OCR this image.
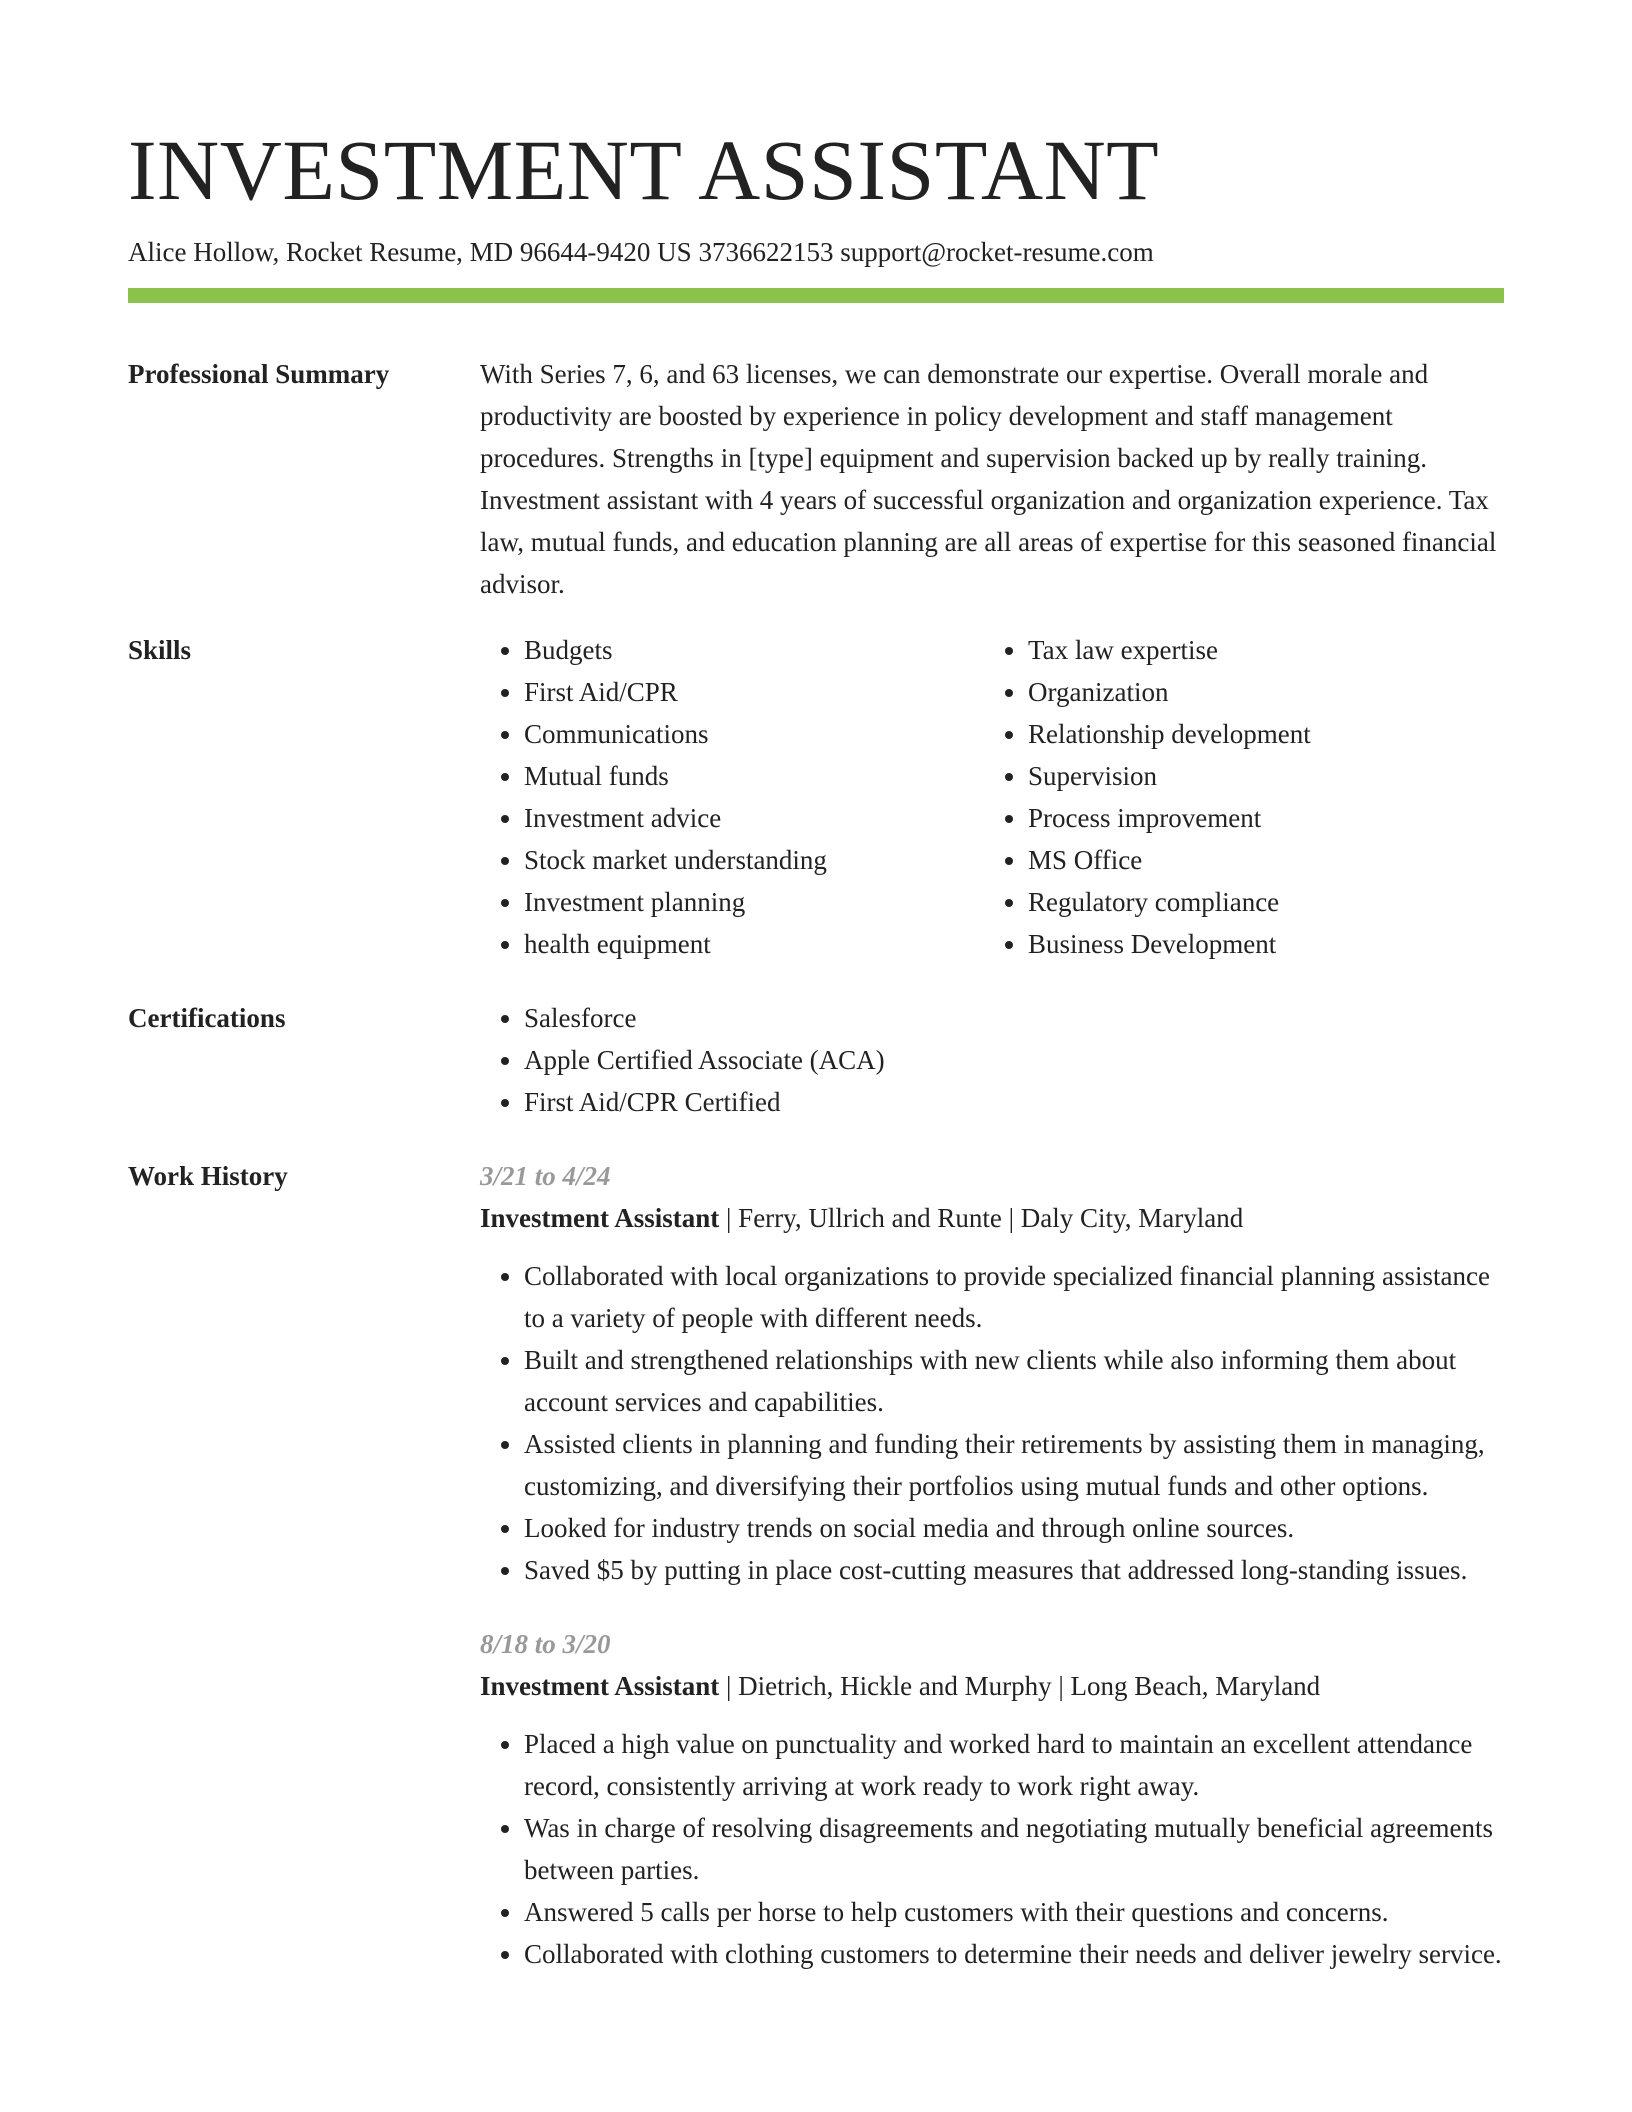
INVESTMENT ASSISTANT
Alice Hollow, Rocket Resume, MD 96644-9420 US 3736622153 support@rocket-resume.com
Professional Summary	With Series 7, 6, and 63 licenses, we can demonstrate our expertise. Overall morale and productivity are boosted by experience in policy development and staff management procedures. Strengths in [type] equipment and supervision backed up by really training. Investment assistant with 4 years of successful organization and organization experience. Tax law, mutual funds, and education planning are all areas of expertise for this seasoned financial advisor.

Skills	• Budgets
• First Aid/CPR
• Communications
• Mutual funds
• Investment advice
• Stock market understanding
• Investment planning
• health equipment
• Tax law expertise
• Organization
• Relationship development
• Supervision
• Process improvement
• MS Office
• Regulatory compliance
• Business Development
Certifications	• Salesforce
• Apple Certified Associate (ACA)
• First Aid/CPR Certified
Work History	3/21 to 4/24
Investment Assistant | Ferry, Ullrich and Runte | Daly City, Maryland
• Collaborated with local organizations to provide specialized financial planning assistance to a variety of people with different needs.
• Built and strengthened relationships with new clients while also informing them about account services and capabilities.
• Assisted clients in planning and funding their retirements by assisting them in managing, customizing, and diversifying their portfolios using mutual funds and other options.
• Looked for industry trends on social media and through online sources.
• Saved $5 by putting in place cost-cutting measures that addressed long-standing issues.
8/18 to 3/20
Investment Assistant | Dietrich, Hickle and Murphy | Long Beach, Maryland
• Placed a high value on punctuality and worked hard to maintain an excellent attendance record, consistently arriving at work ready to work right away.
• Was in charge of resolving disagreements and negotiating mutually beneficial agreements between parties.
• Answered 5 calls per horse to help customers with their questions and concerns.
• Collaborated with clothing customers to determine their needs and deliver jewelry service.
